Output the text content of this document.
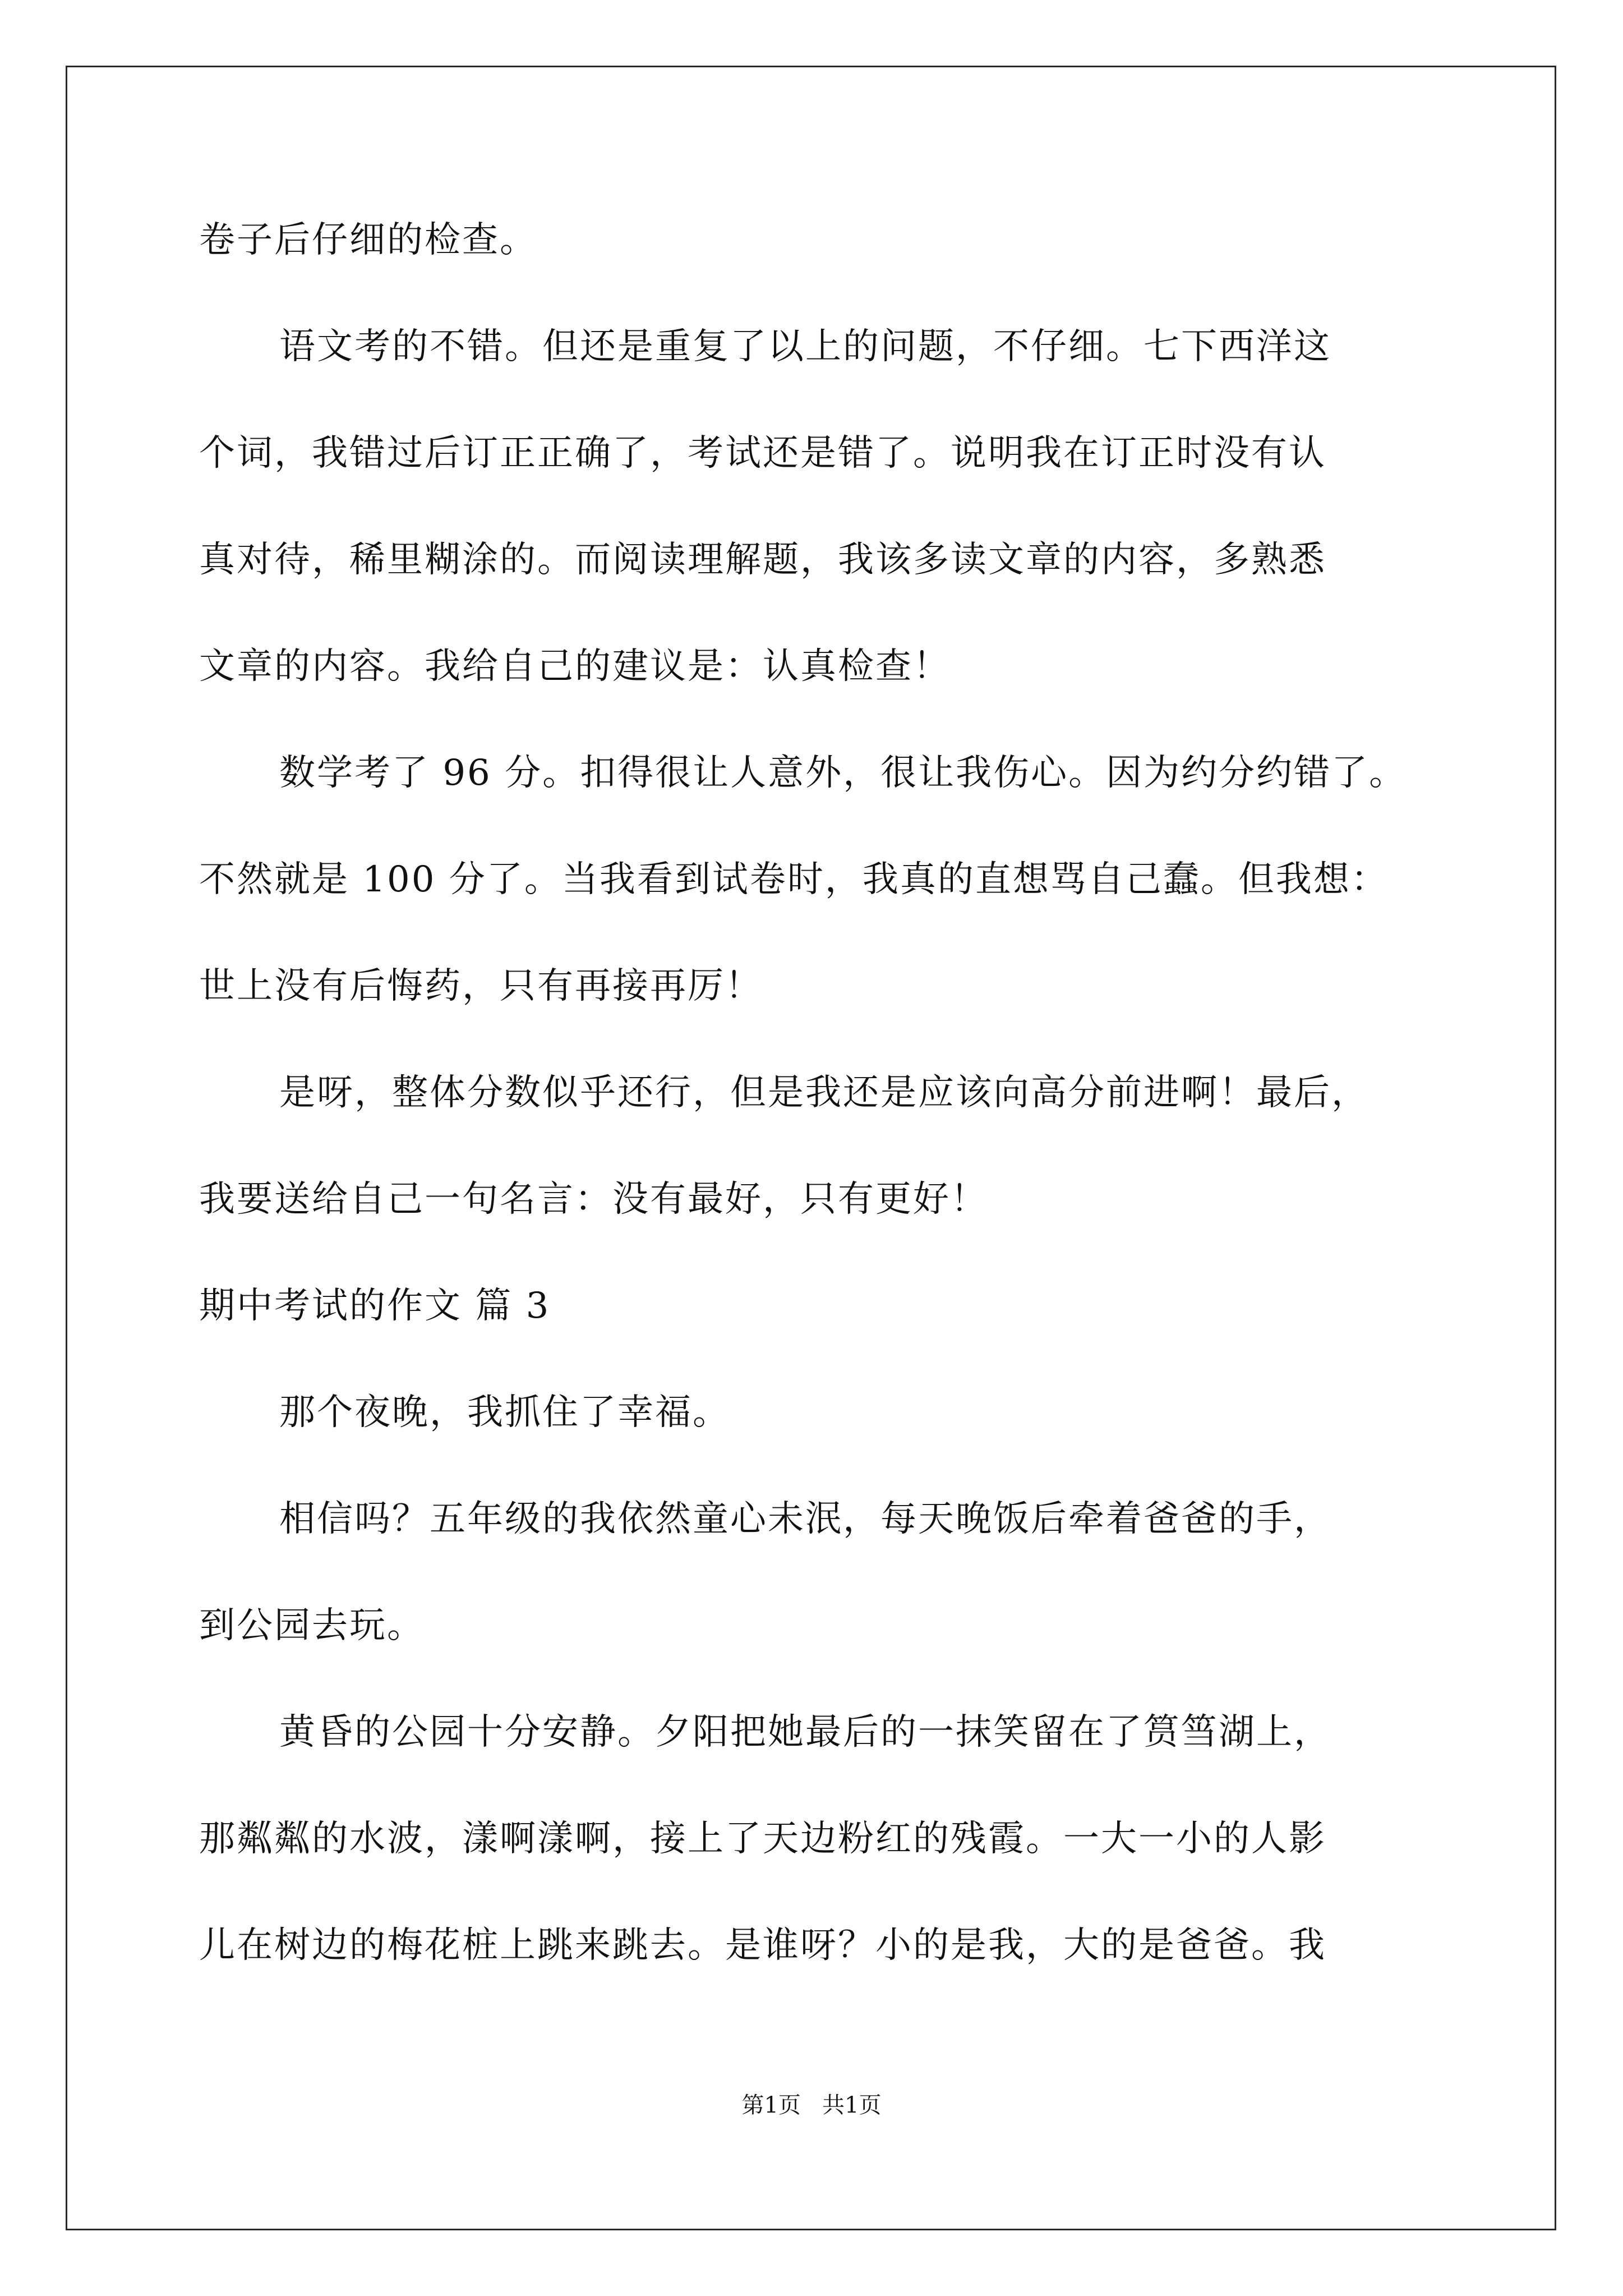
卷子后仔细的检查。
语文考的不错。但还是重复了以上的问题，不仔细。七下西洋这
个词，我错过后订正正确了，考试还是错了。说明我在订正时没有认
真对待，稀里糊涂的。而阅读理解题，我该多读文章的内容，多熟悉
文章的内容。我给自己的建议是：认真检查！
数学考了 96 分。扣得很让人意外，很让我伤心。因为约分约错了。
不然就是 100 分了。当我看到试卷时，我真的直想骂自己蠢。但我想：
世上没有后悔药，只有再接再厉！
是呀，整体分数似乎还行，但是我还是应该向高分前进啊！最后，
我要送给自己一句名言：没有最好，只有更好！
期中考试的作文 篇 3
那个夜晚，我抓住了幸福。
相信吗？五年级的我依然童心未泯，每天晚饭后牵着爸爸的手，
到公园去玩。
黄昏的公园十分安静。夕阳把她最后的一抹笑留在了筼筜湖上，
那粼粼的水波，漾啊漾啊，接上了天边粉红的残霞。一大一小的人影
儿在树边的梅花桩上跳来跳去。是谁呀？小的是我，大的是爸爸。我
第1页   共1页
